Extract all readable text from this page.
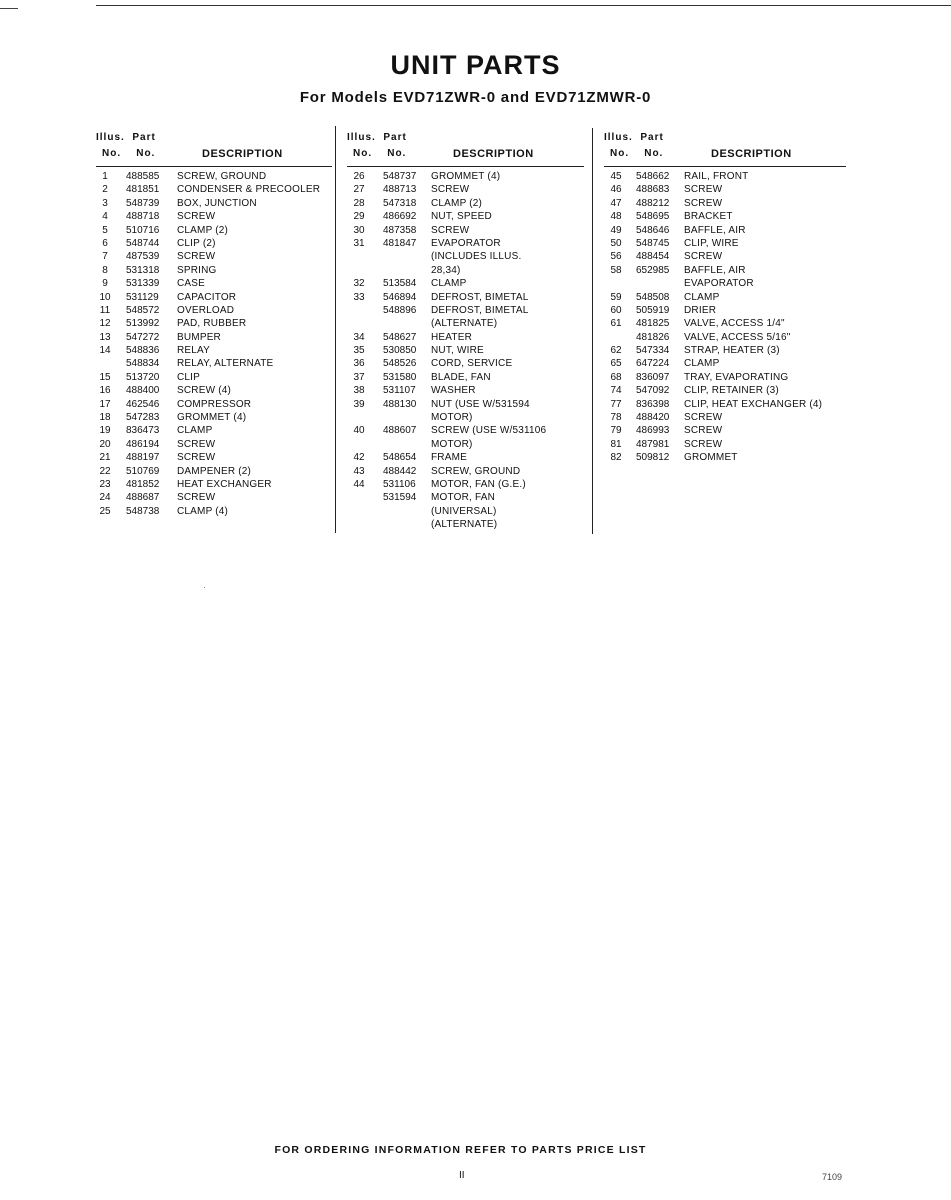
UNIT PARTS
For Models EVD71ZWR-0 and EVD71ZMWR-0
Illus.  Part
No.    No.	DESCRIPTION
1	488585 SCREW, GROUND
2	481851 CONDENSER & PRECOOLER
3	548739 BOX, JUNCTION
4	488718 SCREW
5	510716 CLAMP (2)
6	548744 CLIP (2)
7	487539 SCREW
8	531318 SPRING
9	531339 CASE
10	531129 CAPACITOR
11	548572 OVERLOAD
12	513992 PAD, RUBBER
13	547272 BUMPER
14	548836 RELAY
548834 RELAY, ALTERNATE
15	513720 CLIP
16	488400 SCREW (4)
17	462546 COMPRESSOR
18	547283 GROMMET (4)
19	836473 CLAMP
20	486194 SCREW
21	488197 SCREW
22	510769 DAMPENER (2)
23	481852 HEAT EXCHANGER
24	488687 SCREW
25	548738 CLAMP (4)
Illus.  Part
No.    No.	DESCRIPTION
26	548737 GROMMET (4)
27	488713 SCREW
28	547318 CLAMP (2)
29	486692 NUT, SPEED
30	487358 SCREW
31	481847 EVAPORATOR
(INCLUDES ILLUS.
28,34)
32	513584 CLAMP
33	546894 DEFROST, BIMETAL
548896 DEFROST, BIMETAL
(ALTERNATE)
34	548627 HEATER
35	530850 NUT, WIRE
36	548526 CORD, SERVICE
37	531580 BLADE, FAN
38	531107 WASHER
39	488130 NUT (USE W/531594
MOTOR)
40	488607 SCREW (USE W/531106
MOTOR)
42	548654 FRAME
43	488442 SCREW, GROUND
44	531106 MOTOR, FAN (G.E.)
531594 MOTOR, FAN
(UNIVERSAL)
(ALTERNATE)
Illus.  Part
No.    No.	DESCRIPTION
45	548662 RAIL, FRONT
46	488683 SCREW
47	488212 SCREW
48	548695 BRACKET
49	548646 BAFFLE, AIR
50	548745 CLIP, WIRE
56	488454 SCREW
58	652985 BAFFLE, AIR
EVAPORATOR
59	548508 CLAMP
60	505919 DRIER
61	481825 VALVE, ACCESS 1/4"
481826 VALVE, ACCESS 5/16"
62	547334 STRAP, HEATER (3)
65	647224 CLAMP
68	836097 TRAY, EVAPORATING
74	547092 CLIP, RETAINER (3)
77	836398 CLIP, HEAT EXCHANGER (4)
78	488420 SCREW
79	486993 SCREW
81	487981 SCREW
82	509812 GROMMET

FOR ORDERING INFORMATION REFER TO PARTS PRICE LIST

II	7109
